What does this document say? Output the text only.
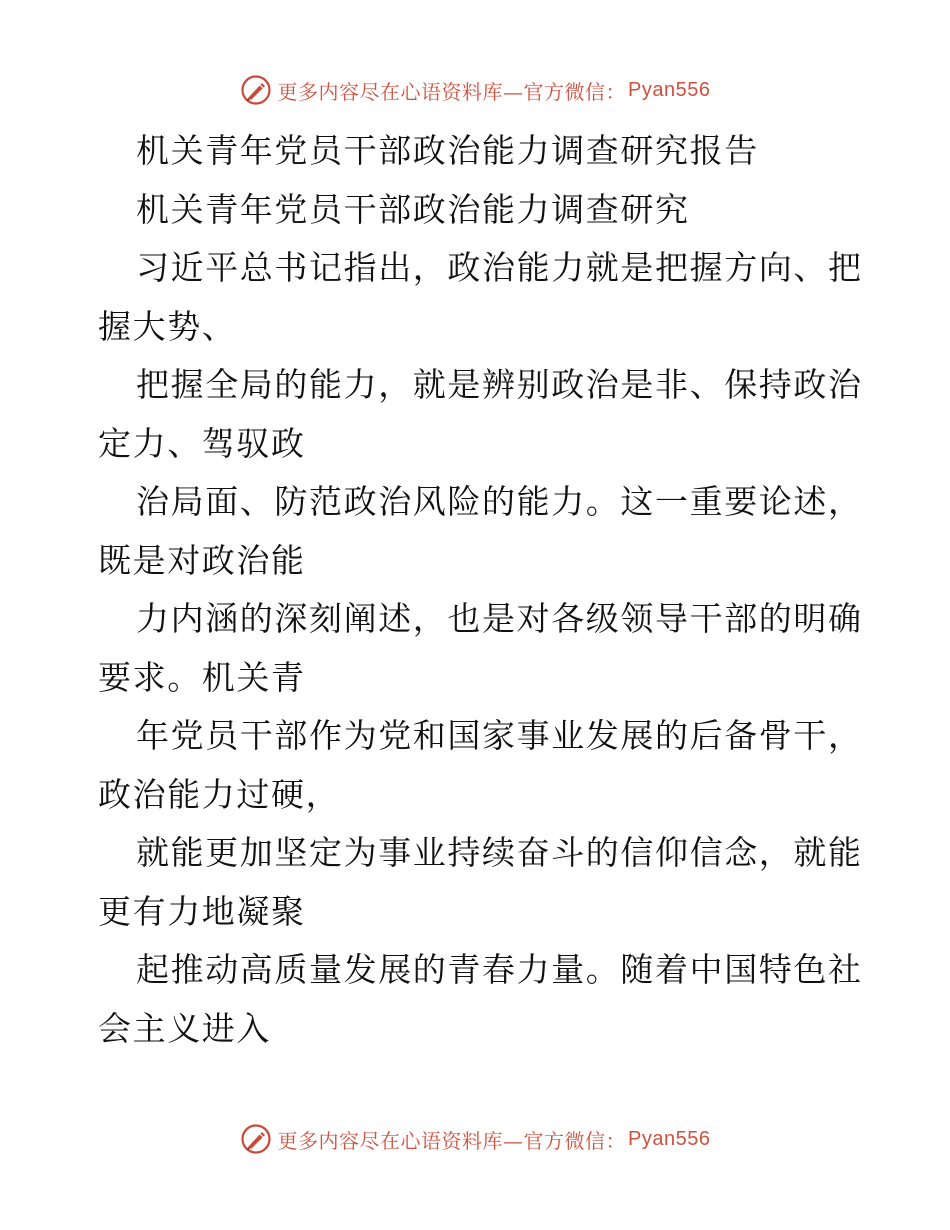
更多内容尽在心语资料库—官方微信： Pyan556
机关青年党员干部政治能力调查研究报告
机关青年党员干部政治能力调查研究
习近平总书记指出，政治能力就是把握方向、把
握大势、
把握全局的能力，就是辨别政治是非、保持政治
定力、驾驭政
治局面、防范政治风险的能力。这一重要论述，
既是对政治能
力内涵的深刻阐述，也是对各级领导干部的明确
要求。机关青
年党员干部作为党和国家事业发展的后备骨干，
政治能力过硬，
就能更加坚定为事业持续奋斗的信仰信念，就能
更有力地凝聚
起推动高质量发展的青春力量。随着中国特色社
会主义进入
更多内容尽在心语资料库—官方微信： Pyan556
